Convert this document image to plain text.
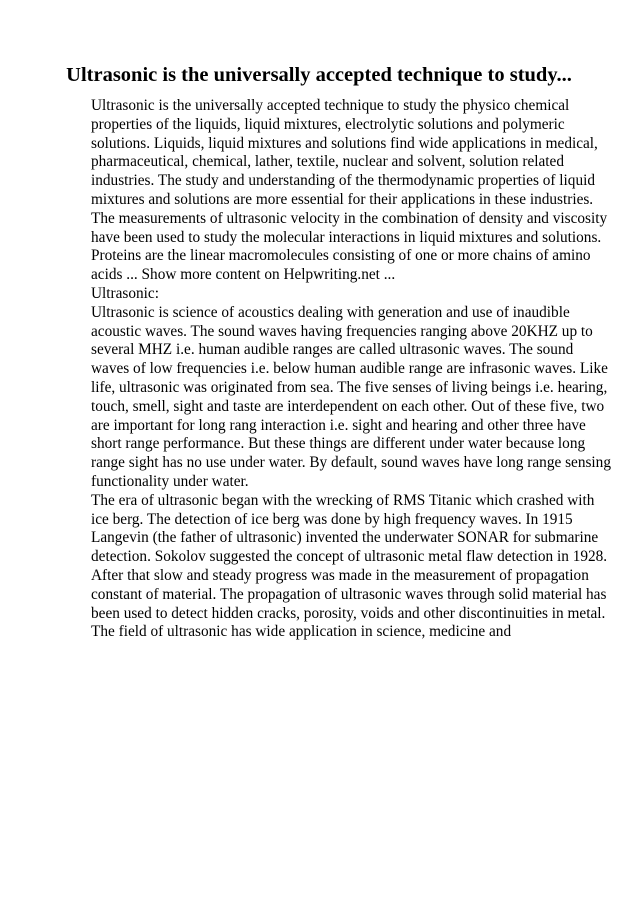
Ultrasonic is the universally accepted technique to study...
Ultrasonic is the universally accepted technique to study the physico chemical
properties of the liquids, liquid mixtures, electrolytic solutions and polymeric
solutions. Liquids, liquid mixtures and solutions find wide applications in medical,
pharmaceutical, chemical, lather, textile, nuclear and solvent, solution related
industries. The study and understanding of the thermodynamic properties of liquid
mixtures and solutions are more essential for their applications in these industries.
The measurements of ultrasonic velocity in the combination of density and viscosity
have been used to study the molecular interactions in liquid mixtures and solutions.
Proteins are the linear macromolecules consisting of one or more chains of amino
acids ... Show more content on Helpwriting.net ...
Ultrasonic:
Ultrasonic is science of acoustics dealing with generation and use of inaudible
acoustic waves. The sound waves having frequencies ranging above 20KHZ up to
several MHZ i.e. human audible ranges are called ultrasonic waves. The sound
waves of low frequencies i.e. below human audible range are infrasonic waves. Like
life, ultrasonic was originated from sea. The five senses of living beings i.e. hearing,
touch, smell, sight and taste are interdependent on each other. Out of these five, two
are important for long rang interaction i.e. sight and hearing and other three have
short range performance. But these things are different under water because long
range sight has no use under water. By default, sound waves have long range sensing
functionality under water.
The era of ultrasonic began with the wrecking of RMS Titanic which crashed with
ice berg. The detection of ice berg was done by high frequency waves. In 1915
Langevin (the father of ultrasonic) invented the underwater SONAR for submarine
detection. Sokolov suggested the concept of ultrasonic metal flaw detection in 1928.
After that slow and steady progress was made in the measurement of propagation
constant of material. The propagation of ultrasonic waves through solid material has
been used to detect hidden cracks, porosity, voids and other discontinuities in metal.
The field of ultrasonic has wide application in science, medicine and
